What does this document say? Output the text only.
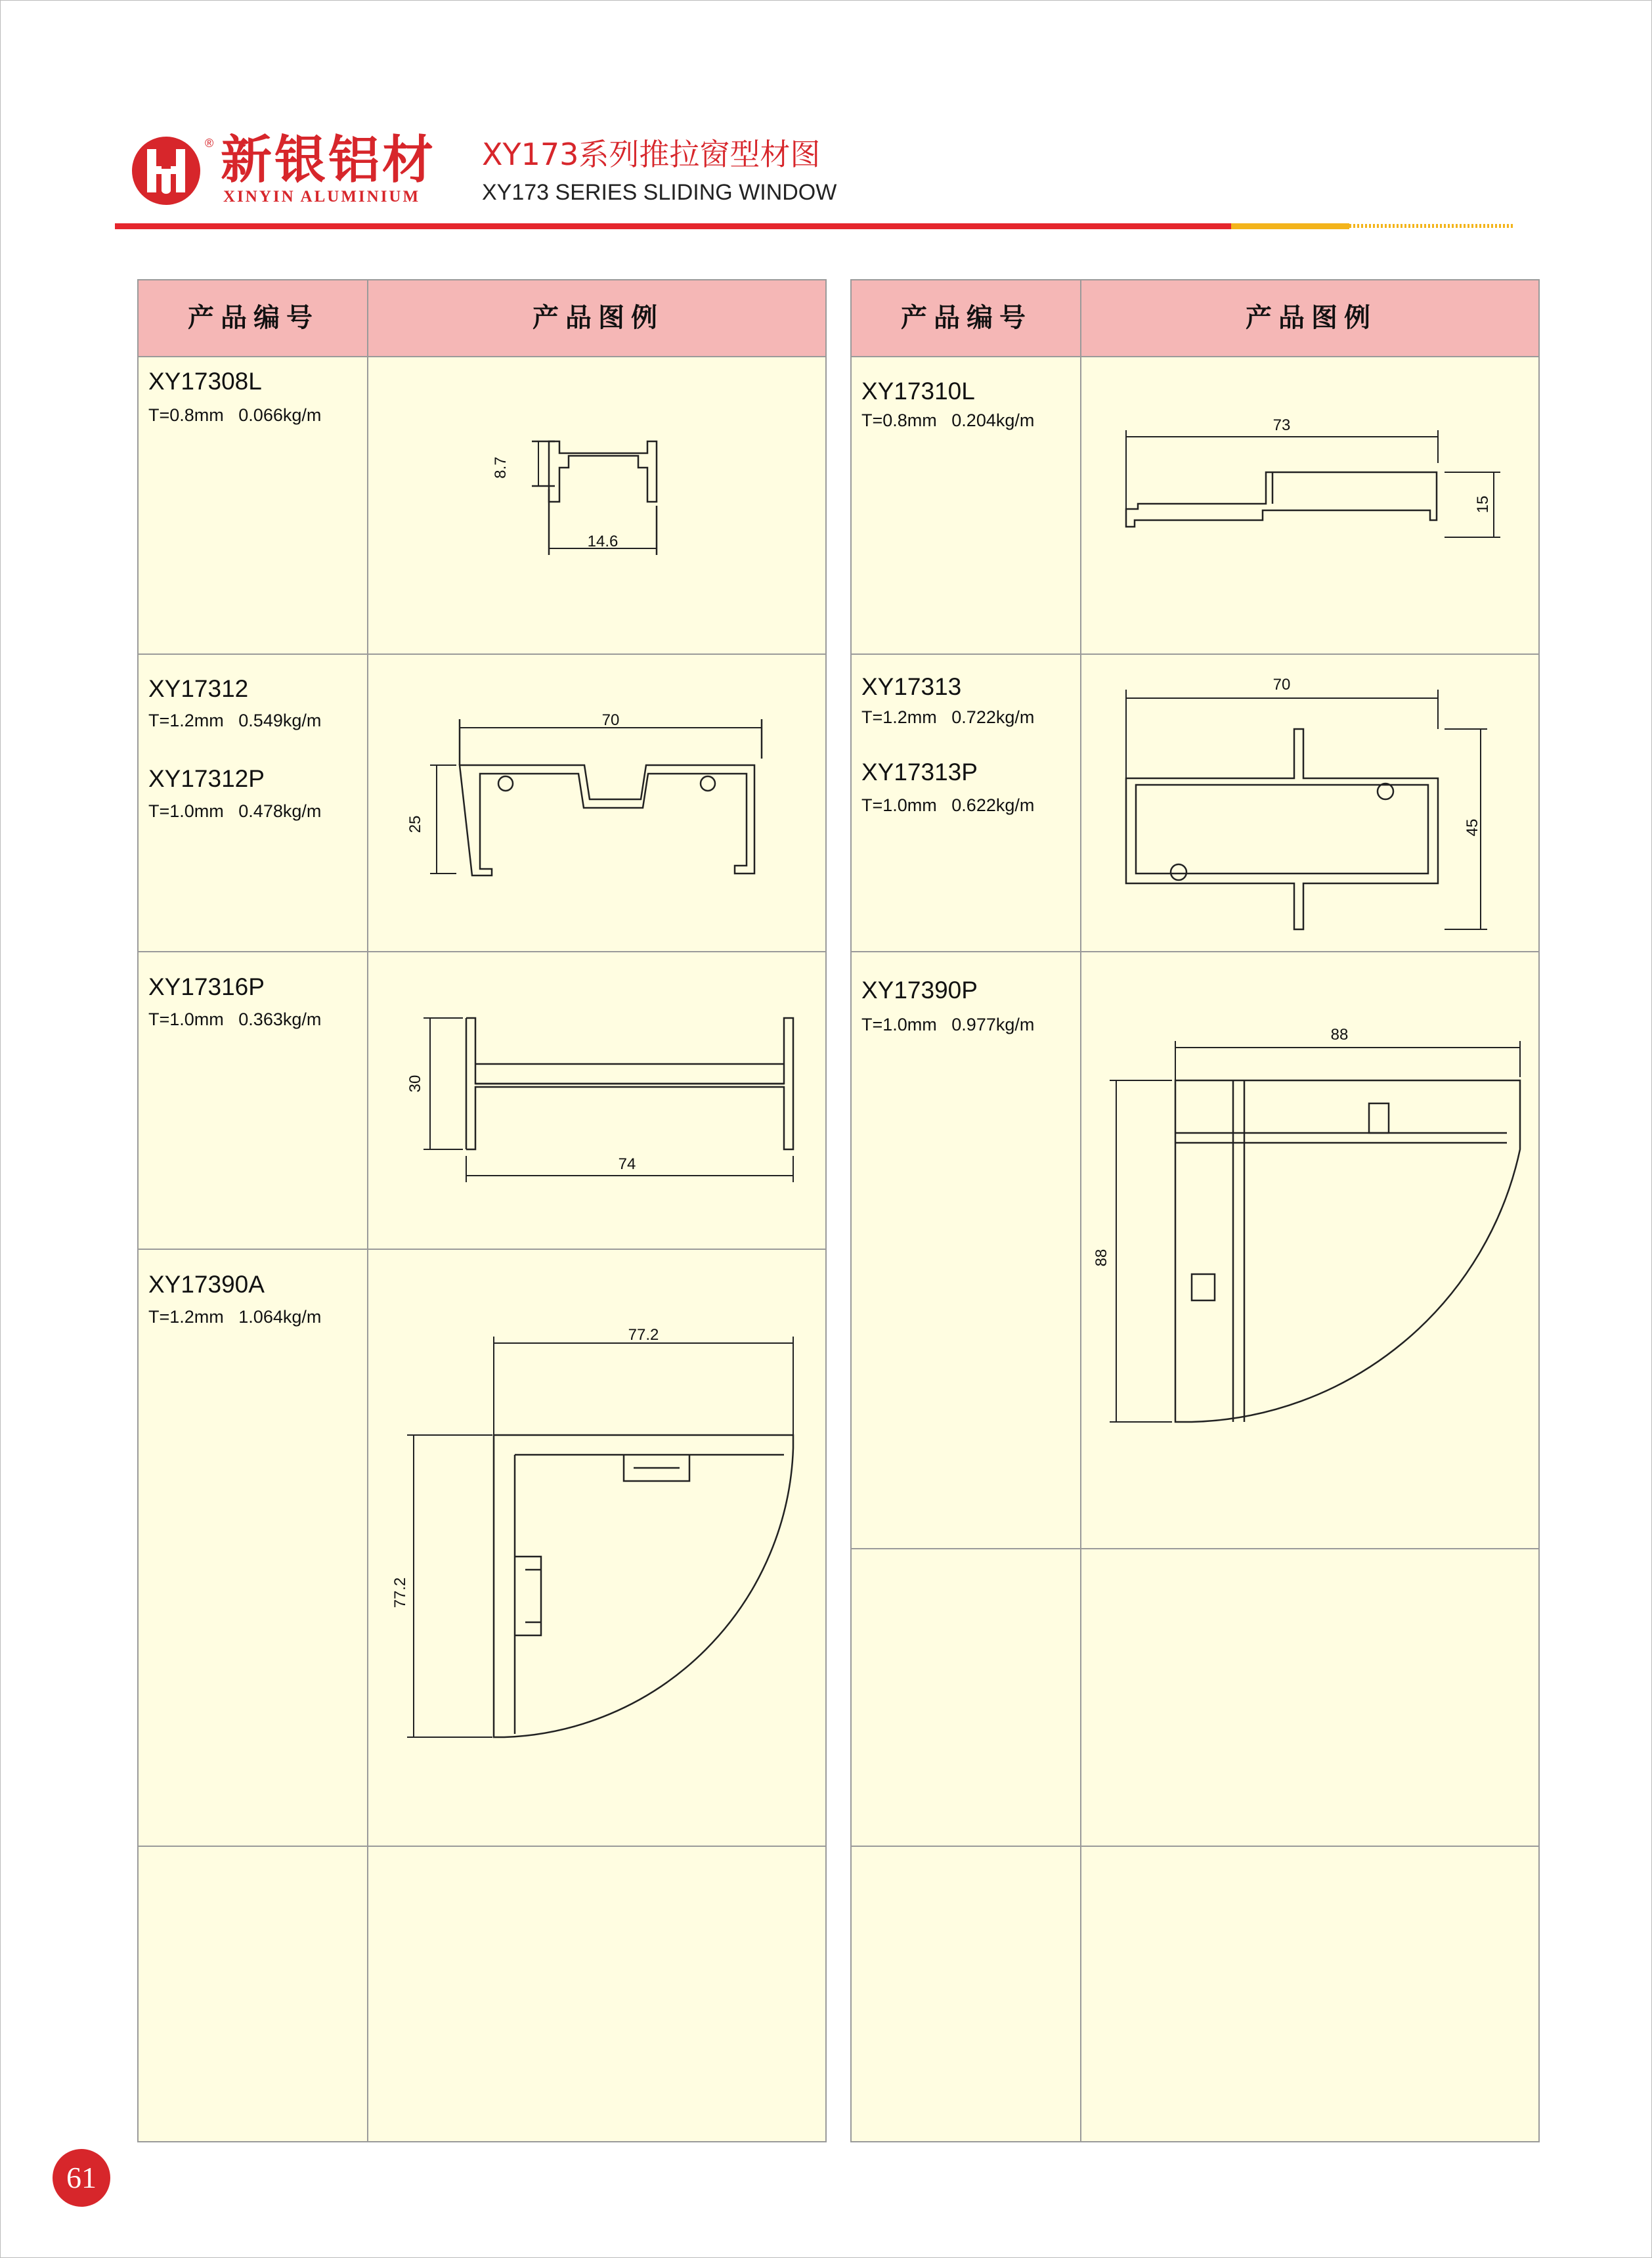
® 新银铝材
XINYIN ALUMINIUM
XY173系列推拉窗型材图
XY173 SERIES SLIDING WINDOW
产品编号	产品图例
XY17308L
T=0.8mm   0.066kg/m
XY17312
T=1.2mm   0.549kg/m
XY17312P
T=1.0mm   0.478kg/m
XY17316P
T=1.0mm   0.363kg/m
XY17390A
T=1.2mm   1.064kg/m
产品编号	产品图例
XY17310L
T=0.8mm   0.204kg/m
XY17313
T=1.2mm   0.722kg/m
XY17313P
T=1.0mm   0.622kg/m
XY17390P
T=1.0mm   0.977kg/m
8.7
14.6
70
25
30
74
77.2
77.2
73
15
70
45
88
88
61
